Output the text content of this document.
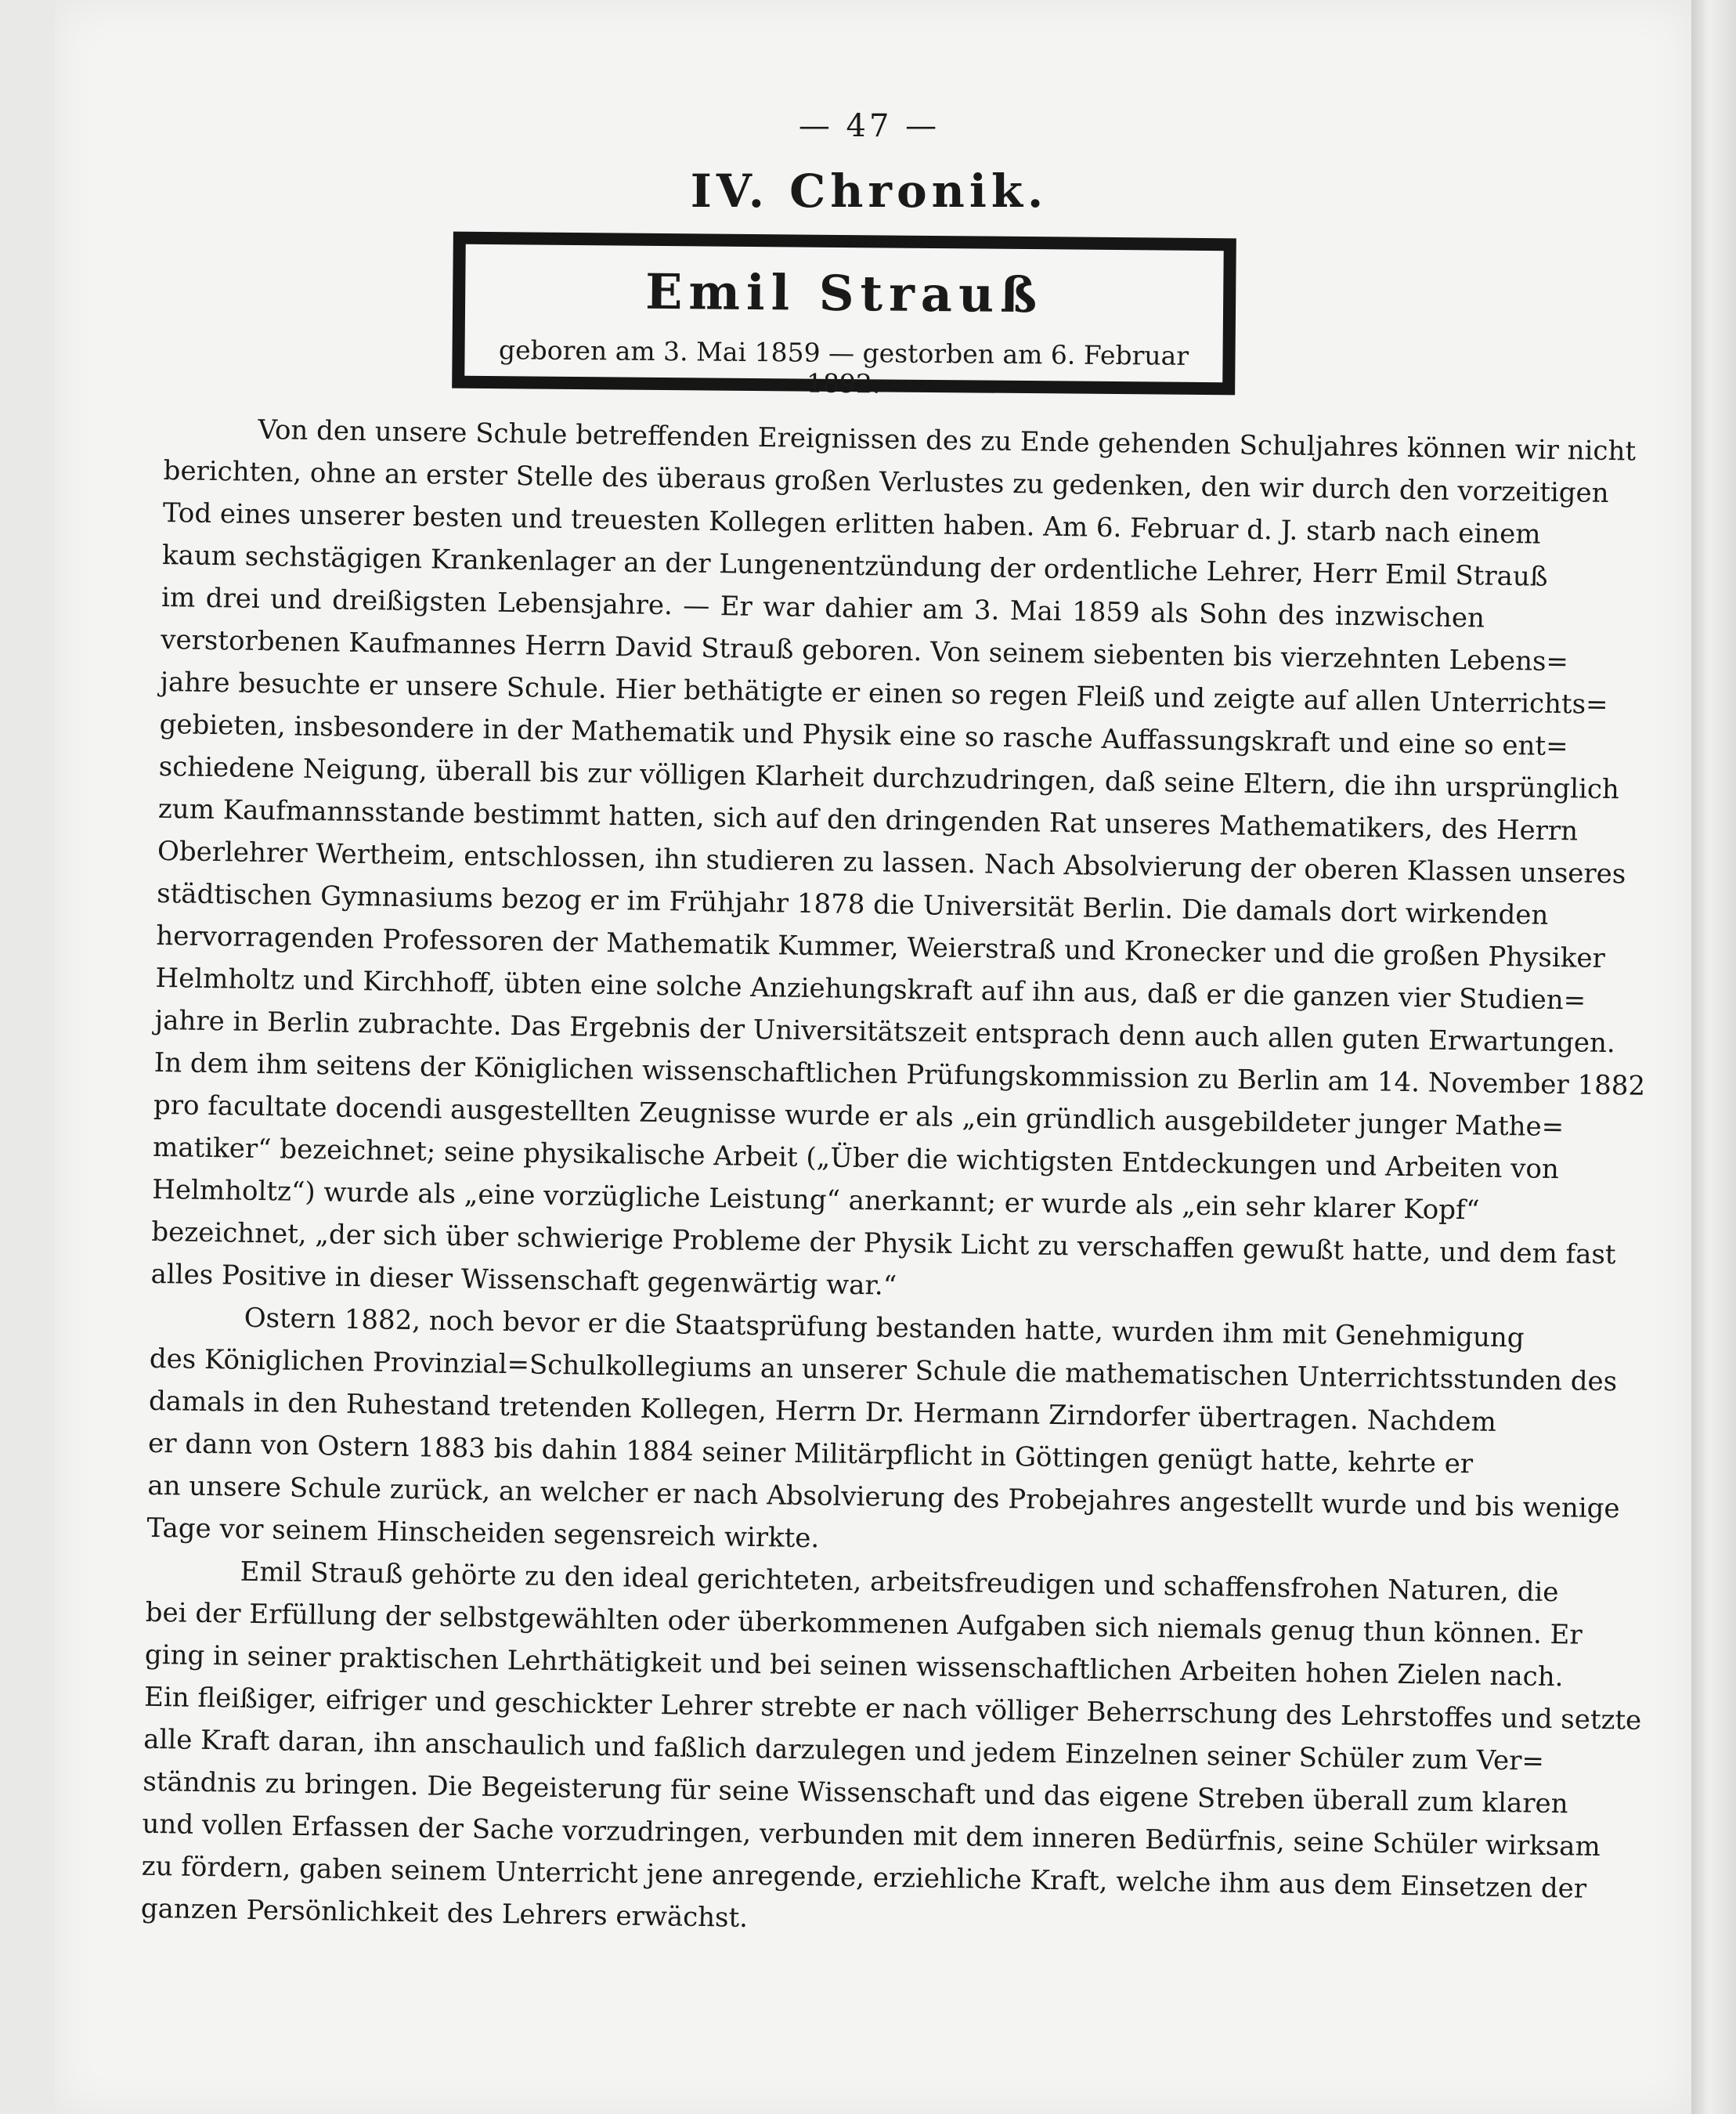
— 47 —
IV. Chronik.
Emil Strauß
geboren am 3. Mai 1859 — gestorben am 6. Februar 1892.
Von den unsere Schule betreffenden Ereignissen des zu Ende gehenden Schuljahres können wir nicht
berichten, ohne an erster Stelle des überaus großen Verlustes zu gedenken, den wir durch den vorzeitigen
Tod eines unserer besten und treuesten Kollegen erlitten haben. Am 6. Februar d. J. starb nach einem
kaum sechstägigen Krankenlager an der Lungenentzündung der ordentliche Lehrer, Herr Emil Strauß
im drei und dreißigsten Lebensjahre. — Er war dahier am 3. Mai 1859 als Sohn des inzwischen
verstorbenen Kaufmannes Herrn David Strauß geboren. Von seinem siebenten bis vierzehnten Lebens=
jahre besuchte er unsere Schule. Hier bethätigte er einen so regen Fleiß und zeigte auf allen Unterrichts=
gebieten, insbesondere in der Mathematik und Physik eine so rasche Auffassungskraft und eine so ent=
schiedene Neigung, überall bis zur völligen Klarheit durchzudringen, daß seine Eltern, die ihn ursprünglich
zum Kaufmannsstande bestimmt hatten, sich auf den dringenden Rat unseres Mathematikers, des Herrn
Oberlehrer Wertheim, entschlossen, ihn studieren zu lassen. Nach Absolvierung der oberen Klassen unseres
städtischen Gymnasiums bezog er im Frühjahr 1878 die Universität Berlin. Die damals dort wirkenden
hervorragenden Professoren der Mathematik Kummer, Weierstraß und Kronecker und die großen Physiker
Helmholtz und Kirchhoff, übten eine solche Anziehungskraft auf ihn aus, daß er die ganzen vier Studien=
jahre in Berlin zubrachte. Das Ergebnis der Universitätszeit entsprach denn auch allen guten Erwartungen.
In dem ihm seitens der Königlichen wissenschaftlichen Prüfungskommission zu Berlin am 14. November 1882
pro facultate docendi ausgestellten Zeugnisse wurde er als „ein gründlich ausgebildeter junger Mathe=
matiker“ bezeichnet; seine physikalische Arbeit („Über die wichtigsten Entdeckungen und Arbeiten von
Helmholtz“) wurde als „eine vorzügliche Leistung“ anerkannt; er wurde als „ein sehr klarer Kopf“
bezeichnet, „der sich über schwierige Probleme der Physik Licht zu verschaffen gewußt hatte, und dem fast
alles Positive in dieser Wissenschaft gegenwärtig war.“
Ostern 1882, noch bevor er die Staatsprüfung bestanden hatte, wurden ihm mit Genehmigung
des Königlichen Provinzial=Schulkollegiums an unserer Schule die mathematischen Unterrichtsstunden des
damals in den Ruhestand tretenden Kollegen, Herrn Dr. Hermann Zirndorfer übertragen. Nachdem
er dann von Ostern 1883 bis dahin 1884 seiner Militärpflicht in Göttingen genügt hatte, kehrte er
an unsere Schule zurück, an welcher er nach Absolvierung des Probejahres angestellt wurde und bis wenige
Tage vor seinem Hinscheiden segensreich wirkte.
Emil Strauß gehörte zu den ideal gerichteten, arbeitsfreudigen und schaffensfrohen Naturen, die
bei der Erfüllung der selbstgewählten oder überkommenen Aufgaben sich niemals genug thun können. Er
ging in seiner praktischen Lehrthätigkeit und bei seinen wissenschaftlichen Arbeiten hohen Zielen nach.
Ein fleißiger, eifriger und geschickter Lehrer strebte er nach völliger Beherrschung des Lehrstoffes und setzte
alle Kraft daran, ihn anschaulich und faßlich darzulegen und jedem Einzelnen seiner Schüler zum Ver=
ständnis zu bringen. Die Begeisterung für seine Wissenschaft und das eigene Streben überall zum klaren
und vollen Erfassen der Sache vorzudringen, verbunden mit dem inneren Bedürfnis, seine Schüler wirksam
zu fördern, gaben seinem Unterricht jene anregende, erziehliche Kraft, welche ihm aus dem Einsetzen der
ganzen Persönlichkeit des Lehrers erwächst.
